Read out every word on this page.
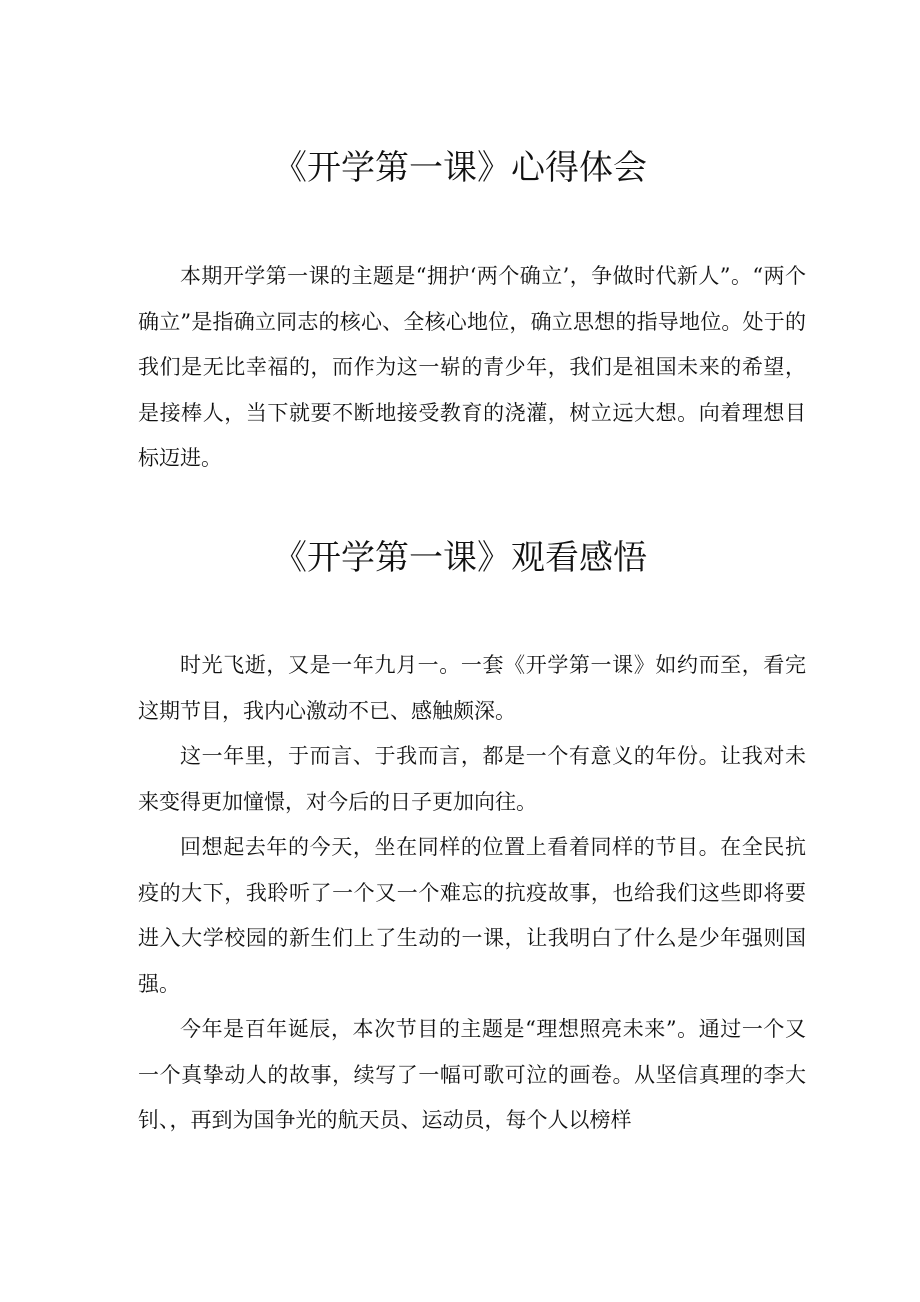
《开学第一课》心得体会

本期开学第一课的主题是“拥护‘两个确立’，争做时代新人”。“两个确立”是指确立同志的核心、全核心地位，确立思想的指导地位。处于的我们是无比幸福的，而作为这一崭的青少年，我们是祖国未来的希望，是接棒人，当下就要不断地接受教育的浇灌，树立远大想。向着理想目标迈进。

《开学第一课》观看感悟

时光飞逝，又是一年九月一。一套《开学第一课》如约而至，看完这期节目，我内心激动不已、感触颇深。

这一年里，于而言、于我而言，都是一个有意义的年份。让我对未来变得更加憧憬，对今后的日子更加向往。

回想起去年的今天，坐在同样的位置上看着同样的节目。在全民抗疫的大下，我聆听了一个又一个难忘的抗疫故事，也给我们这些即将要进入大学校园的新生们上了生动的一课，让我明白了什么是少年强则国强。

今年是百年诞辰，本次节目的主题是“理想照亮未来”。通过一个又一个真挚动人的故事，续写了一幅可歌可泣的画卷。从坚信真理的李大钊、，再到为国争光的航天员、运动员，每个人以榜样
